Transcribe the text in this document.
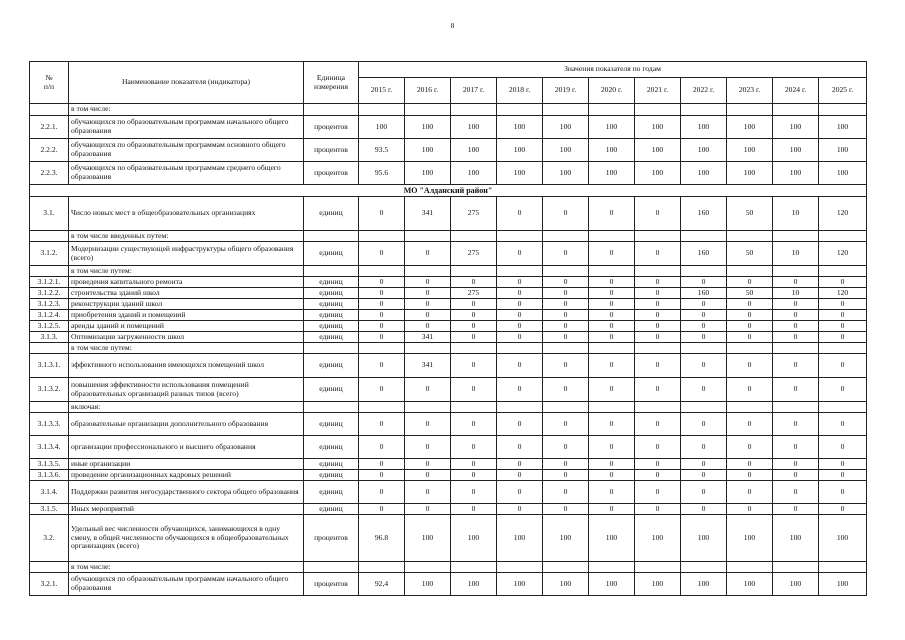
8
№
п/п	Наименование показателя (индикатора)	Единица
измерения	Значения показателя по годам										
			2015 г.	2016 г.	2017 г.	2018 г.	2019 г.	2020 г.	2021 г.	2022 г.	2023 г.	2024 г.	2025 г.
	в том числе:												
2.2.1.	обучающихся по образовательным программам начального общего образования	процентов	100	100	100	100	100	100	100	100	100	100	100
2.2.2.	обучающихся по образовательным программам основного общего образования	процентов	93.5	100	100	100	100	100	100	100	100	100	100
2.2.3.	обучающихся по образовательным программам среднего общего образования	процентов	95.6	100	100	100	100	100	100	100	100	100	100
МО "Алданский район"													
3.1.	Число новых мест в общеобразовательных организациях	единиц	0	341	275	0	0	0	0	160	50	10	120
	в том числе введенных путем:												
3.1.2.	Модернизации существующей инфраструктуры общего образования (всего)	единиц	0	0	275	0	0	0	0	160	50	10	120
	в том числе путем:												
3.1.2.1.	проведения капитального ремонта	единиц	0	0	0	0	0	0	0	0	0	0	0
3.1.2.2.	строительства зданий школ	единиц	0	0	275	0	0	0	0	160	50	10	120
3.1.2.3.	реконструкции зданий школ	единиц	0	0	0	0	0	0	0	0	0	0	0
3.1.2.4.	приобретения зданий и помещений	единиц	0	0	0	0	0	0	0	0	0	0	0
3.1.2.5.	аренды зданий и помещений	единиц	0	0	0	0	0	0	0	0	0	0	0
3.1.3.	Оптимизации загруженности школ	единиц	0	341	0	0	0	0	0	0	0	0	0
	в том числе путем:												
3.1.3.1.	эффективного использования имеющихся помещений школ	единиц	0	341	0	0	0	0	0	0	0	0	0
3.1.3.2.	повышения эффективности использования помещений образовательных организаций разных типов (всего)	единиц	0	0	0	0	0	0	0	0	0	0	0
	включая:												
3.1.3.3.	образовательные организации дополнительного образования	единиц	0	0	0	0	0	0	0	0	0	0	0
3.1.3.4.	организации профессионального и высшего образования	единиц	0	0	0	0	0	0	0	0	0	0	0
3.1.3.5.	иные организации	единиц	0	0	0	0	0	0	0	0	0	0	0
3.1.3.6.	проведение организационных кадровых решений	единиц	0	0	0	0	0	0	0	0	0	0	0
3.1.4.	Поддержки развития негосударственного сектора общего образования	единиц	0	0	0	0	0	0	0	0	0	0	0
3.1.5.	Иных мероприятий	единиц	0	0	0	0	0	0	0	0	0	0	0
3.2.	Удельный вес численности обучающихся, занимающихся в одну смену, в общей численности обучающихся в общеобразовательных организациях (всего)	процентов	96.8	100	100	100	100	100	100	100	100	100	100
	в том числе:												
3.2.1.	обучающихся по образовательным программам начального общего образования	процентов	92,4	100	100	100	100	100	100	100	100	100	100
